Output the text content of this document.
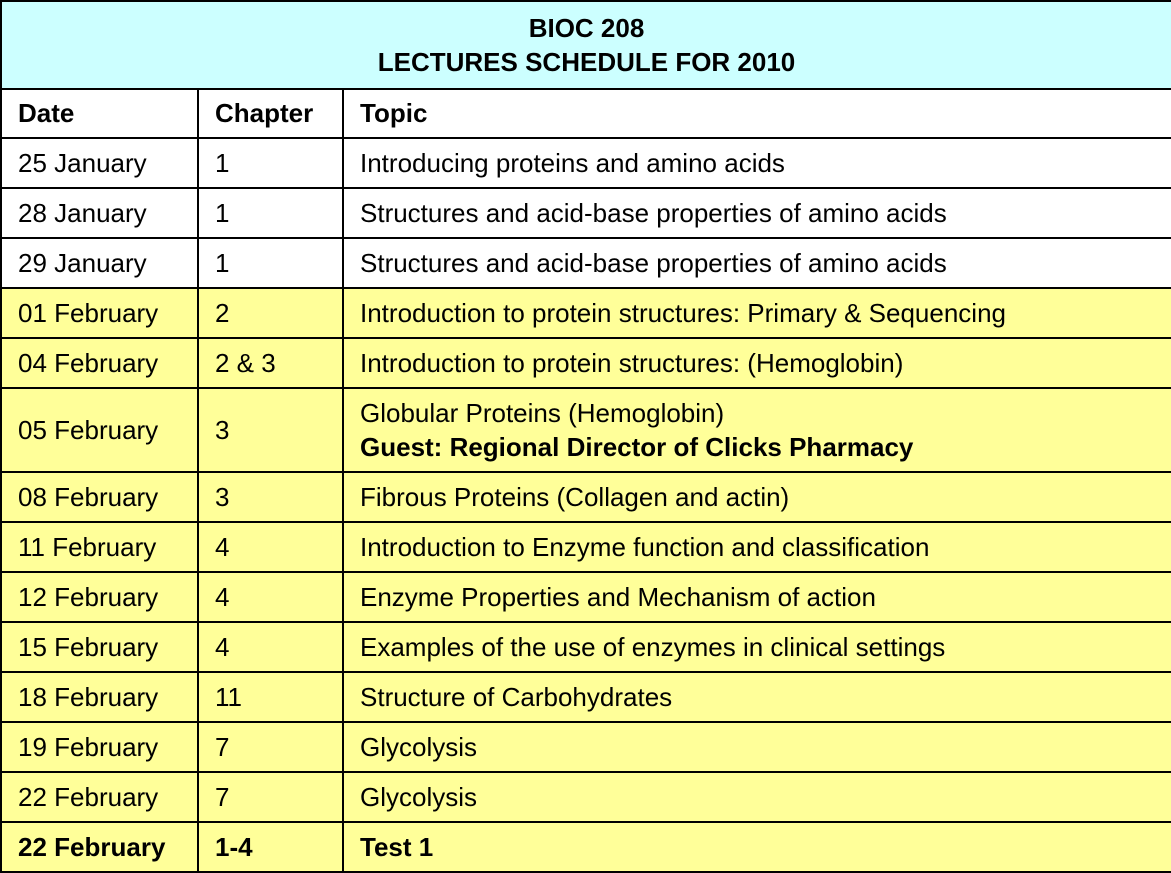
BIOC 208
LECTURES SCHEDULE FOR 2010		

Date	Chapter	Topic
25 January	1	Introducing proteins and amino acids
28 January	1	Structures and acid-base properties of amino acids
29 January	1	Structures and acid-base properties of amino acids
01 February	2	Introduction to protein structures: Primary & Sequencing
04 February	2 & 3	Introduction to protein structures: (Hemoglobin)
05 February	3	Globular Proteins (Hemoglobin)
Guest: Regional Director of Clicks Pharmacy

08 February	3	Fibrous Proteins (Collagen and actin)
11 February	4	Introduction to Enzyme function and classification
12 February	4	Enzyme Properties and Mechanism of action
15 February	4	Examples of the use of enzymes in clinical settings
18 February	11	Structure of Carbohydrates
19 February	7	Glycolysis
22 February	7	Glycolysis
22 February	1-4	Test 1
